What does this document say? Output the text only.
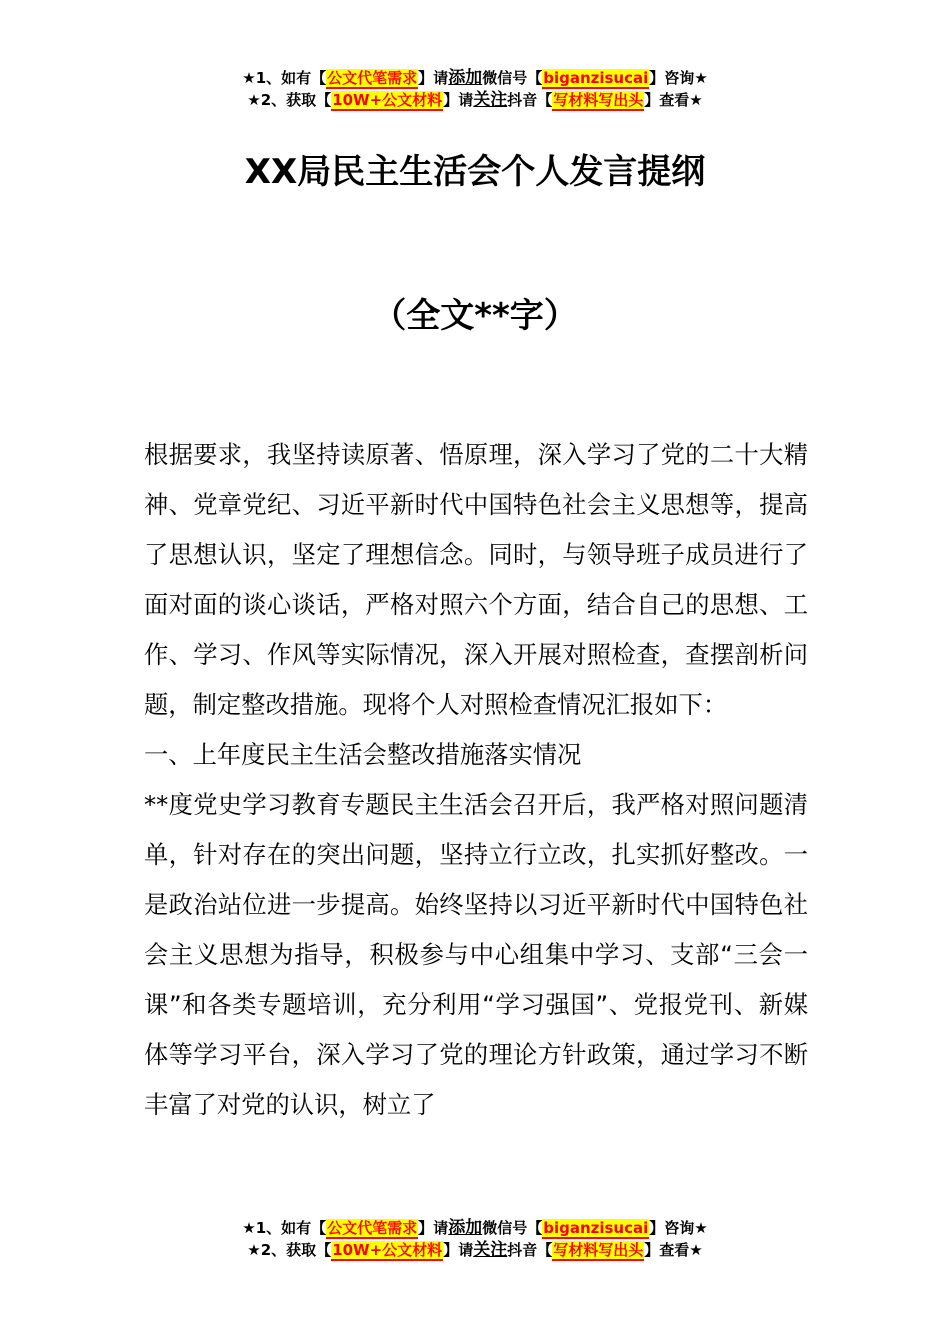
★1、如有【公文代笔需求】请添加微信号【biganzisucai】咨询★
★2、获取【10W+公文材料】请关注抖音【写材料写出头】查看★
XX局民主生活会个人发言提纲
（全文**字）

根据要求，我坚持读原著、悟原理，深入学习了党的二十大精神、党章党纪、习近平新时代中国特色社会主义思想等，提高了思想认识，坚定了理想信念。同时，与领导班子成员进行了面对面的谈心谈话，严格对照六个方面，结合自己的思想、工作、学习、作风等实际情况，深入开展对照检查，查摆剖析问题，制定整改措施。现将个人对照检查情况汇报如下：

一、上年度民主生活会整改措施落实情况

**度党史学习教育专题民主生活会召开后，我严格对照问题清单，针对存在的突出问题，坚持立行立改，扎实抓好整改。一是政治站位进一步提高。始终坚持以习近平新时代中国特色社会主义思想为指导，积极参与中心组集中学习、支部“三会一课”和各类专题培训，充分利用“学习强国”、党报党刊、新媒体等学习平台，深入学习了党的理论方针政策，通过学习不断丰富了对党的认识，树立了

★1、如有【公文代笔需求】请添加微信号【biganzisucai】咨询★
★2、获取【10W+公文材料】请关注抖音【写材料写出头】查看★
